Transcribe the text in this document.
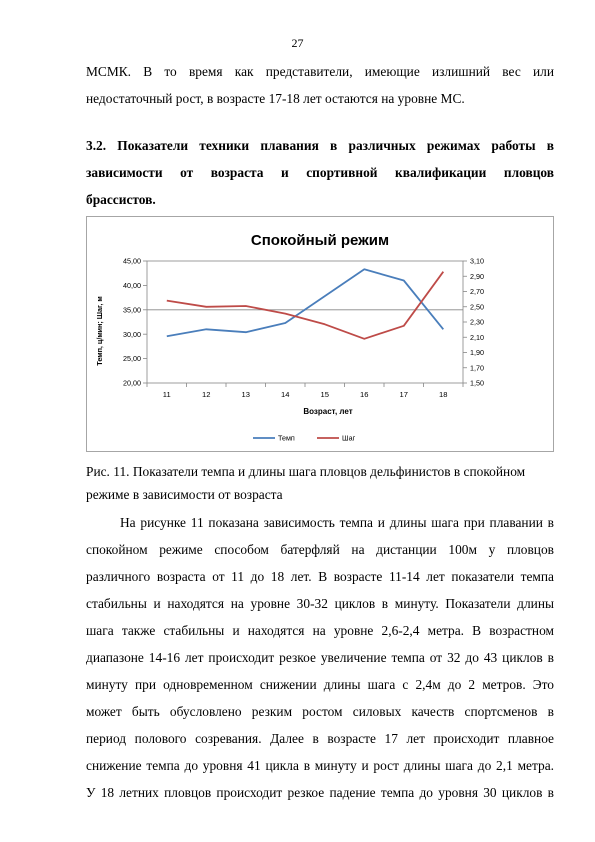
27
МСМК. В то время как представители, имеющие излишний вес или
недостаточный рост, в возрасте 17-18 лет остаются на уровне МС.
3.2. Показатели техники плавания в различных режимах работы в
зависимости от возраста и спортивной квалификации пловцов
брассистов.
Спокойный режим
Темп, ц/мин; Шаг, м
Возраст, лет
20,00
25,00
30,00
35,00
40,00
45,00
1,50
1,70
1,90
2,10
2,30
2,50
2,70
2,90
3,10
11	12	13	14	15	16	17	18
Темп	Шаг
Рис. 11. Показатели темпа и длины шага пловцов дельфинистов в спокойном
режиме в зависимости от возраста
На рисунке 11 показана зависимость темпа и длины шага при плавании в
спокойном режиме способом батерфляй на дистанции 100м у пловцов
различного возраста от 11 до 18 лет. В возрасте 11-14 лет показатели темпа
стабильны и находятся на уровне 30-32 циклов в минуту. Показатели длины
шага также стабильны и находятся на уровне 2,6-2,4 метра. В возрастном
диапазоне 14-16 лет происходит резкое увеличение темпа от 32 до 43 циклов в
минуту при одновременном снижении длины шага с 2,4м до 2 метров. Это
может быть обусловлено резким ростом силовых качеств спортсменов в
период полового созревания. Далее в возрасте 17 лет происходит плавное
снижение темпа до уровня 41 цикла в минуту и рост длины шага до 2,1 метра.
У 18 летних пловцов происходит резкое падение темпа до уровня 30 циклов в
